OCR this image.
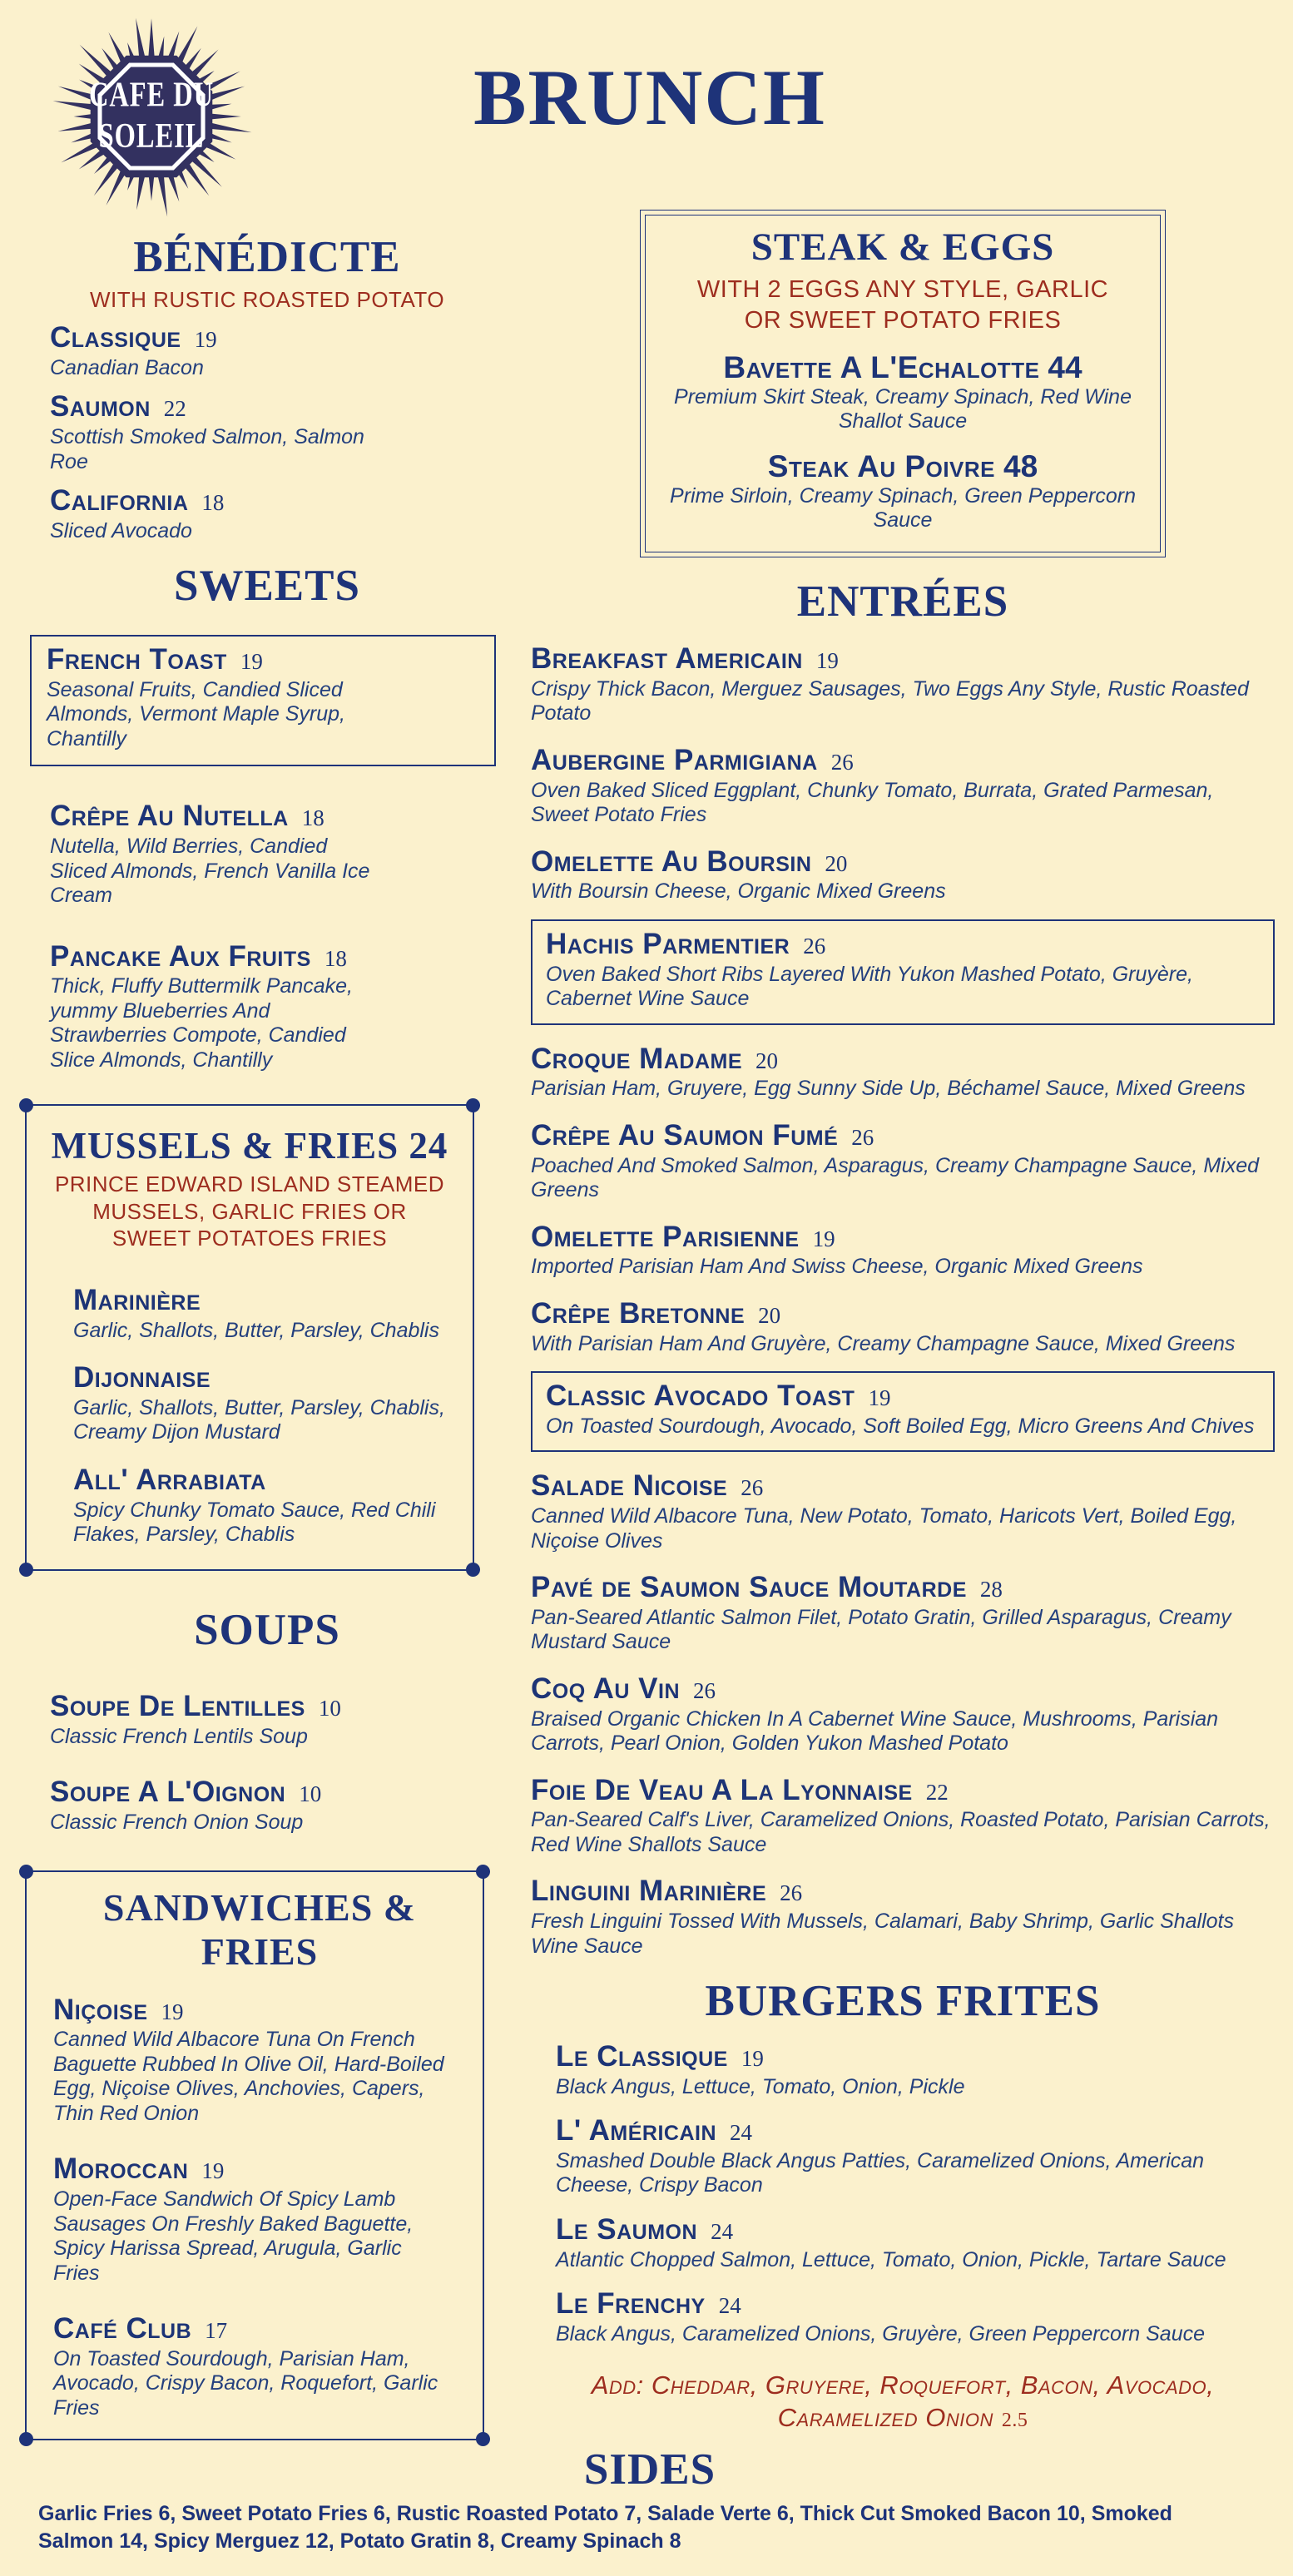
CAFE DU
SOLEIL	BRUNCH
BÉNÉDICTE
WITH RUSTIC ROASTED POTATO
Classique 19
Canadian Bacon
Saumon 22
Scottish Smoked Salmon, Salmon Roe
California 18
Sliced Avocado
SWEETS
French Toast 19
Seasonal Fruits, Candied Sliced Almonds, Vermont Maple Syrup, Chantilly
Crêpe Au Nutella 18
Nutella, Wild Berries, Candied Sliced Almonds, French Vanilla Ice Cream
Pancake Aux Fruits 18
Thick, Fluffy Buttermilk Pancake, yummy Blueberries And Strawberries Compote, Candied Slice Almonds, Chantilly
MUSSELS & FRIES 24
PRINCE EDWARD ISLAND STEAMED MUSSELS, GARLIC FRIES OR SWEET POTATOES FRIES
Marinière
Garlic, Shallots, Butter, Parsley, Chablis
Dijonnaise
Garlic, Shallots, Butter, Parsley, Chablis, Creamy Dijon Mustard
All' Arrabiata
Spicy Chunky Tomato Sauce, Red Chili Flakes, Parsley, Chablis
SOUPS
Soupe De Lentilles 10
Classic French Lentils Soup
Soupe A L'Oignon 10
Classic French Onion Soup
SANDWICHES & FRIES
Niçoise 19
Canned Wild Albacore Tuna On French Baguette Rubbed In Olive Oil, Hard-Boiled Egg, Niçoise Olives, Anchovies, Capers, Thin Red Onion
Moroccan 19
Open-Face Sandwich Of Spicy Lamb Sausages On Freshly Baked Baguette, Spicy Harissa Spread, Arugula, Garlic Fries
Café Club 17
On Toasted Sourdough, Parisian Ham, Avocado, Crispy Bacon, Roquefort, Garlic Fries
STEAK & EGGS
WITH 2 EGGS ANY STYLE, GARLIC OR SWEET POTATO FRIES
Bavette A L'Echalotte 44
Premium Skirt Steak, Creamy Spinach, Red Wine Shallot Sauce
Steak Au Poivre 48
Prime Sirloin, Creamy Spinach, Green Peppercorn Sauce
ENTRÉES
Breakfast Americain 19
Crispy Thick Bacon, Merguez Sausages, Two Eggs Any Style, Rustic Roasted Potato
Aubergine Parmigiana 26
Oven Baked Sliced Eggplant, Chunky Tomato, Burrata, Grated Parmesan, Sweet Potato Fries
Omelette Au Boursin 20
With Boursin Cheese, Organic Mixed Greens
Hachis Parmentier 26
Oven Baked Short Ribs Layered With Yukon Mashed Potato, Gruyère, Cabernet Wine Sauce
Croque Madame 20
Parisian Ham, Gruyere, Egg Sunny Side Up, Béchamel Sauce, Mixed Greens
Crêpe Au Saumon Fumé 26
Poached And Smoked Salmon, Asparagus, Creamy Champagne Sauce, Mixed Greens
Omelette Parisienne 19
Imported Parisian Ham And Swiss Cheese, Organic Mixed Greens
Crêpe Bretonne 20
With Parisian Ham And Gruyère, Creamy Champagne Sauce, Mixed Greens
Classic Avocado Toast 19
On Toasted Sourdough, Avocado, Soft Boiled Egg, Micro Greens And Chives
Salade Nicoise 26
Canned Wild Albacore Tuna, New Potato, Tomato, Haricots Vert, Boiled Egg, Niçoise Olives
Pavé de Saumon Sauce Moutarde 28
Pan-Seared Atlantic Salmon Filet, Potato Gratin, Grilled Asparagus, Creamy Mustard Sauce
Coq Au Vin 26
Braised Organic Chicken In A Cabernet Wine Sauce, Mushrooms, Parisian Carrots, Pearl Onion, Golden Yukon Mashed Potato
Foie De Veau A La Lyonnaise 22
Pan-Seared Calf's Liver, Caramelized Onions, Roasted Potato, Parisian Carrots, Red Wine Shallots Sauce
Linguini Marinière 26
Fresh Linguini Tossed With Mussels, Calamari, Baby Shrimp, Garlic Shallots Wine Sauce
BURGERS FRITES
Le Classique 19
Black Angus, Lettuce, Tomato, Onion, Pickle
L' Américain 24
Smashed Double Black Angus Patties, Caramelized Onions, American Cheese, Crispy Bacon
Le Saumon 24
Atlantic Chopped Salmon, Lettuce, Tomato, Onion, Pickle, Tartare Sauce
Le Frenchy 24
Black Angus, Caramelized Onions, Gruyère, Green Peppercorn Sauce
Add: Cheddar, Gruyere, Roquefort, Bacon, Avocado, Caramelized Onion 2.5
SIDES

Garlic Fries 6, Sweet Potato Fries 6, Rustic Roasted Potato 7, Salade Verte 6, Thick Cut Smoked Bacon 10, Smoked Salmon 14, Spicy Merguez 12, Potato Gratin 8, Creamy Spinach 8
